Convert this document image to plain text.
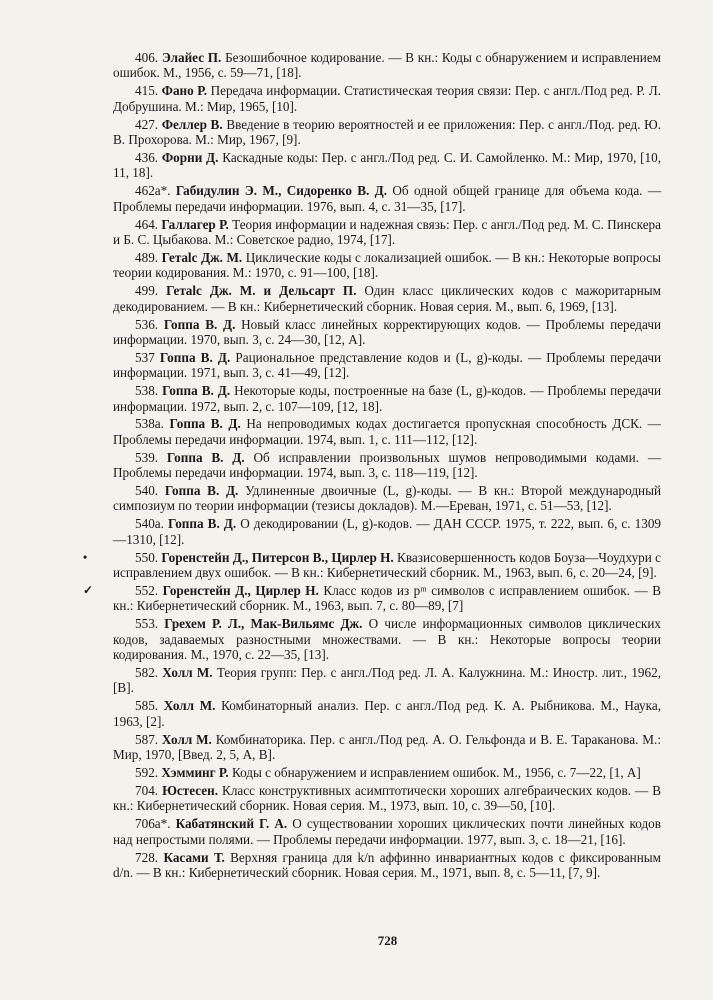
406. Элайес П. Безошибочное кодирование. — В кн.: Коды с обнаружением и исправлением ошибок. М., 1956, с. 59—71, [18].

415. Фано Р. Передача информации. Статистическая теория связи: Пер. с англ./Под ред. Р. Л. Добрушина. М.: Мир, 1965, [10].

427. Феллер В. Введение в теорию вероятностей и ее приложения: Пер. с англ./Под. ред. Ю. В. Прохорова. М.: Мир, 1967, [9].

436. Форни Д. Каскадные коды: Пер. с англ./Под ред. С. И. Самойленко. М.: Мир, 1970, [10, 11, 18].

462a*. Габидулин Э. М., Сидоренко В. Д. Об одной общей границе для объема кода. — Проблемы передачи информации. 1976, вып. 4, с. 31—35, [17].

464. Галлагер Р. Теория информации и надежная связь: Пер. с англ./Под ред. М. С. Пинскера и Б. С. Цыбакова. М.: Советское радио, 1974, [17].

489. Гетalc Дж. М. Циклические коды с локализацией ошибок. — В кн.: Некоторые вопросы теории кодирования. М.: 1970, с. 91—100, [18].

499. Гетalc Дж. М. и Дельсарт П. Один класс циклических кодов с мажоритарным декодированием. — В кн.: Кибернетический сборник. Новая серия. М., вып. 6, 1969, [13].

536. Гоппа В. Д. Новый класс линейных корректирующих кодов. — Проблемы передачи информации. 1970, вып. 3, с. 24—30, [12, А].

537 Гоппа В. Д. Рациональное представление кодов и (L, g)-коды. — Проблемы передачи информации. 1971, вып. 3, с. 41—49, [12].

538. Гоппа В. Д. Некоторые коды, построенные на базе (L, g)-кодов. — Проблемы передачи информации. 1972, вып. 2, с. 107—109, [12, 18].

538а. Гоппа В. Д. На непроводимых кодах достигается пропускная способность ДСК. — Проблемы передачи информации. 1974, вып. 1, с. 111—112, [12].

539. Гоппа В. Д. Об исправлении произвольных шумов непроводимыми кодами. — Проблемы передачи информации. 1974, вып. 3, с. 118—119, [12].

540. Гоппа В. Д. Удлиненные двоичные (L, g)-коды. — В кн.: Второй международный симпозиум по теории информации (тезисы докладов). М.—Ереван, 1971, с. 51—53, [12].

540а. Гоппа В. Д. О декодировании (L, g)-кодов. — ДАН СССР. 1975, т. 222, вып. 6, с. 1309—1310, [12].

•	550. Горенстейн Д., Питерсон В., Цирлер Н. Квазисовершенность кодов Боуза—Чоудхури с исправлением двух ошибок. — В кн.: Кибернетический сборник. М., 1963, вып. 6, с. 20—24, [9].

✓	552. Горенстейн Д., Цирлер Н. Класс кодов из pᵐ символов с исправлением ошибок. — В кн.: Кибернетический сборник. М., 1963, вып. 7, с. 80—89, [7]

553. Грехем Р. Л., Мак-Вильямс Дж. О числе информационных символов циклических кодов, задаваемых разностными множествами. — В кн.: Некоторые вопросы теории кодирования. М., 1970, с. 22—35, [13].

582. Холл М. Теория групп: Пер. с англ./Под ред. Л. А. Калужнина. М.: Иностр. лит., 1962, [В].

585. Холл М. Комбинаторный анализ. Пер. с англ./Под ред. К. А. Рыбникова. М., Наука, 1963, [2].

587. Холл М. Комбинаторика. Пер. с англ./Под ред. А. О. Гельфонда и В. Е. Таракановa. М.: Мир, 1970, [Введ. 2, 5, А, В].

592. Хэмминг Р. Коды с обнаружением и исправлением ошибок. М., 1956, с. 7—22, [1, А]

704. Юстесен. Класс конструктивных асимптотически хороших алгебраических кодов. — В кн.: Кибернетический сборник. Новая серия. М., 1973, вып. 10, с. 39—50, [10].

706а*. Кабатянский Г. А. О существовании хороших циклических почти линейных кодов над непростыми полями. — Проблемы передачи информации. 1977, вып. 3, с. 18—21, [16].

728. Касами Т. Верхняя граница для k/n аффинно инвариантных кодов с фиксированным d/n. — В кн.: Кибернетический сборник. Новая серия. М., 1971, вып. 8, с. 5—11, [7, 9].

728
